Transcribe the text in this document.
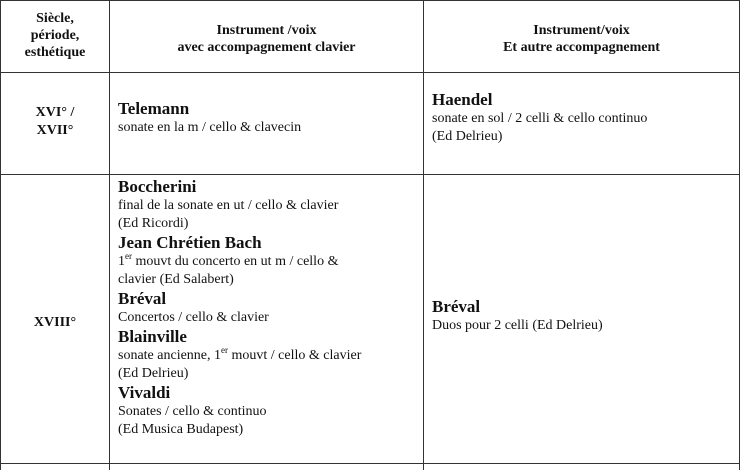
Siècle,
période,
esthétique
Instrument /voix
avec accompagnement clavier
Instrument/voix
Et autre accompagnement
XVI° /
XVII°
Telemann
sonate en la m / cello & clavecin
Haendel
sonate en sol / 2 celli & cello continuo
(Ed Delrieu)
XVIII°
Boccherini
final de la sonate en ut / cello & clavier
(Ed Ricordi)
Jean Chrétien Bach
1er mouvt du concerto en ut m / cello &
clavier (Ed Salabert)
Bréval
Concertos / cello & clavier
Blainville
sonate ancienne, 1er mouvt / cello & clavier
(Ed Delrieu)
Vivaldi
Sonates / cello & continuo
(Ed Musica Budapest)
Bréval
Duos pour 2 celli (Ed Delrieu)
